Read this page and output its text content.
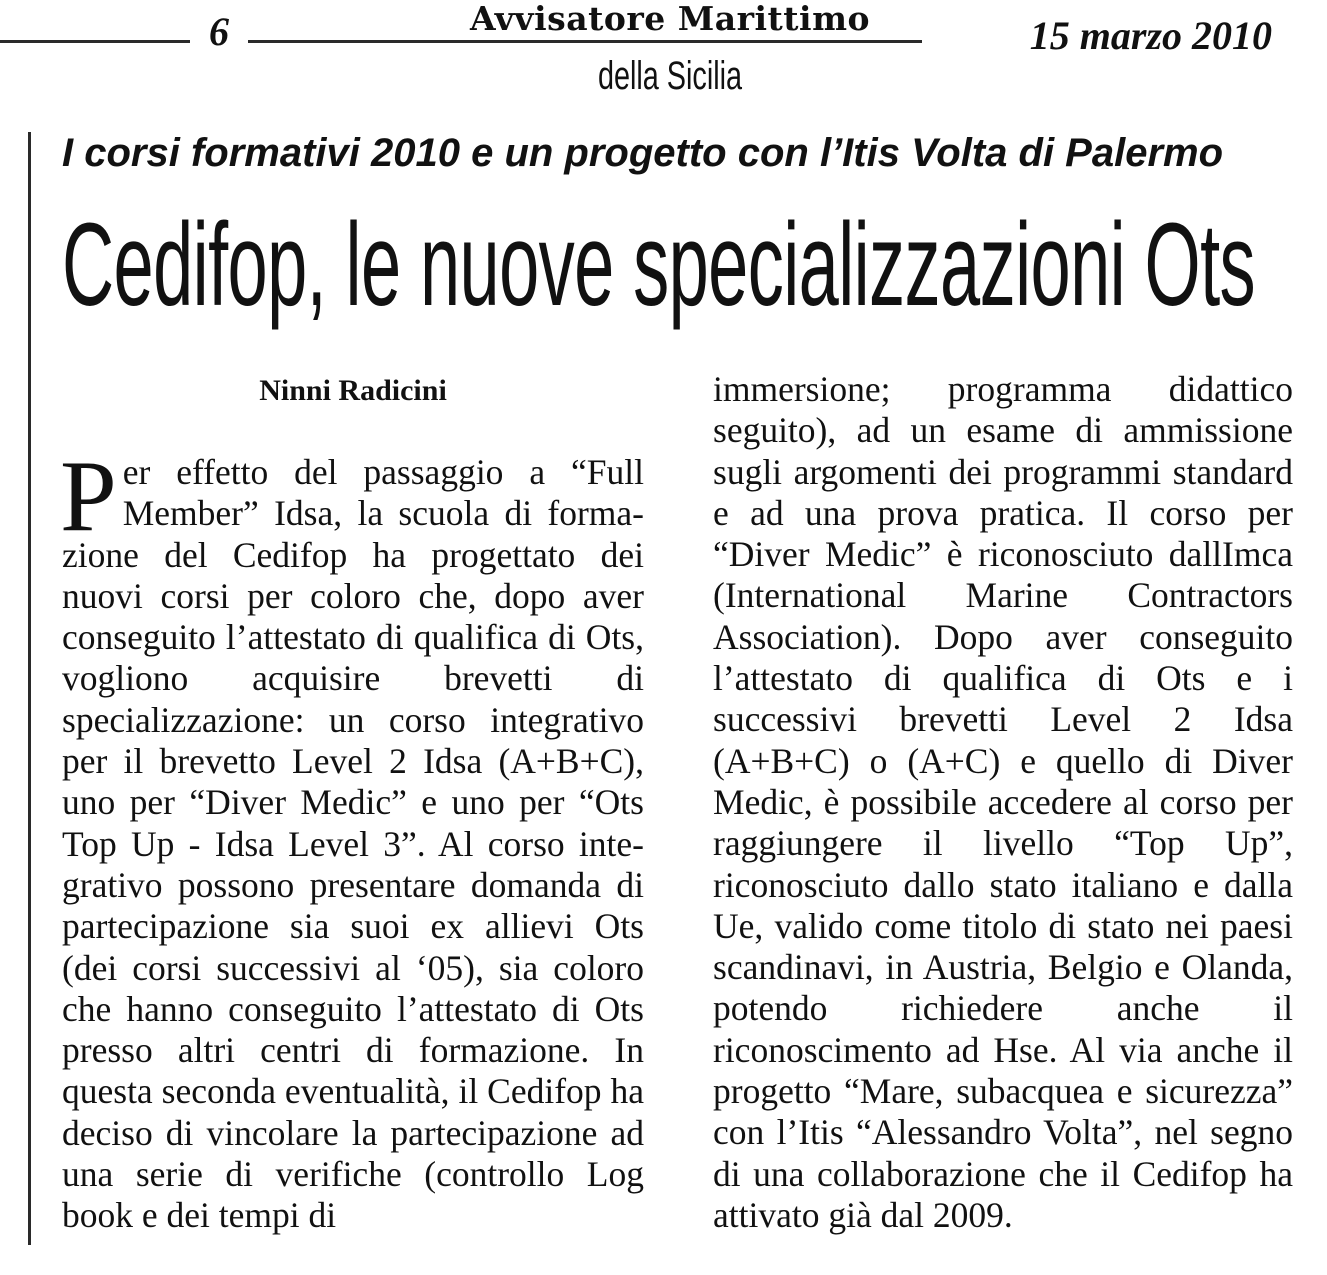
6	Avvisatore Marittimo
della Sicilia
15 marzo 2010
I corsi formativi 2010 e un progetto con l’Itis Volta di Palermo
Cedifop, le nuove specializzazioni Ots
Ninni Radicini
Per effetto del passaggio a “Full Member” Idsa, la scuola di formazione del Cedifop ha progettato dei nuovi corsi per coloro che, dopo aver conseguito l’attestato di qualifica di Ots, vogliono acquisire brevetti di specializzazione: un corso integrativo per il brevetto Level 2 Idsa (A+B+C), uno per “Diver Medic” e uno per “Ots Top Up - Idsa Level 3”. Al corso integrativo possono presentare domanda di partecipazione sia suoi ex allievi Ots (dei corsi successivi al ‘05), sia coloro che hanno conseguito l’attestato di Ots presso altri centri di formazione. In questa seconda eventualità, il Cedifop ha deciso di vincolare la partecipazione ad una serie di verifiche (controllo Log book e dei tempi di
immersione; programma didattico seguito), ad un esame di ammissione sugli argomenti dei programmi standard e ad una prova pratica. Il corso per “Diver Medic” è riconosciuto dallImca (International Marine Contractors Association). Dopo aver conseguito l’attestato di qualifica di Ots e i successivi brevetti Level 2 Idsa (A+B+C) o (A+C) e quello di Diver Medic, è possibile accedere al corso per raggiungere il livello “Top Up”, riconosciuto dallo stato italiano e dalla Ue, valido come titolo di stato nei paesi scandinavi, in Austria, Belgio e Olanda, potendo richiedere anche il riconoscimento ad Hse. Al via anche il progetto “Mare, subacquea e sicurezza” con l’Itis “Alessandro Volta”, nel segno di una collaborazione che il Cedifop ha attivato già dal 2009.
